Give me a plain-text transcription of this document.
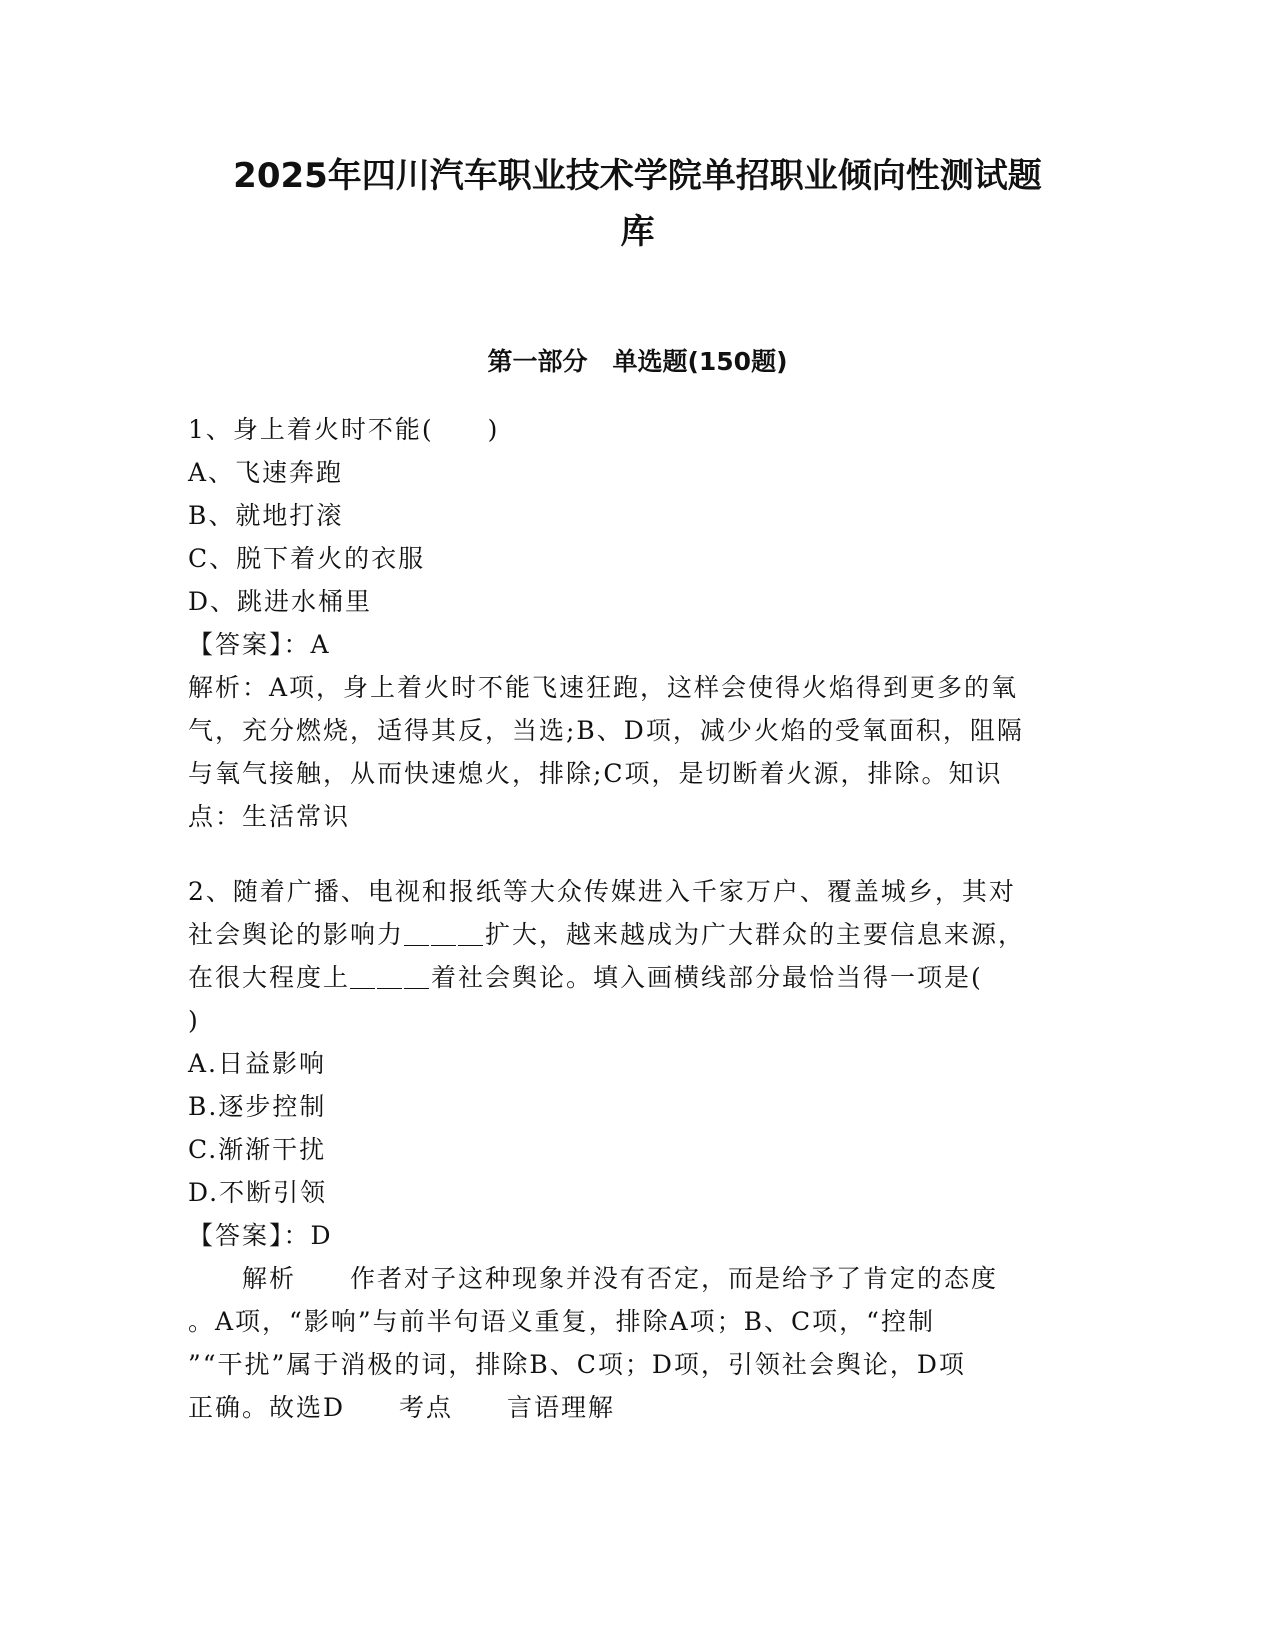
2025年四川汽车职业技术学院单招职业倾向性测试题
库
第一部分　单选题(150题)
1、身上着火时不能(　　)
A、飞速奔跑
B、就地打滚
C、脱下着火的衣服
D、跳进水桶里
【答案】：A
解析：A项，身上着火时不能飞速狂跑，这样会使得火焰得到更多的氧
气，充分燃烧，适得其反，当选;B、D项，减少火焰的受氧面积，阻隔
与氧气接触，从而快速熄火，排除;C项，是切断着火源，排除。知识
点：生活常识
2、随着广播、电视和报纸等大众传媒进入千家万户、覆盖城乡，其对
社会舆论的影响力＿＿＿扩大，越来越成为广大群众的主要信息来源，
在很大程度上＿＿＿着社会舆论。填入画横线部分最恰当得一项是(
)
A.日益影响
B.逐步控制
C.渐渐干扰
D.不断引领
【答案】：D
　　解析　　作者对子这种现象并没有否定，而是给予了肯定的态度
。A项，“影响”与前半句语义重复，排除A项；B、C项，“控制
”“干扰”属于消极的词，排除B、C项；D项，引领社会舆论，D项
正确。故选D　　考点　　言语理解
